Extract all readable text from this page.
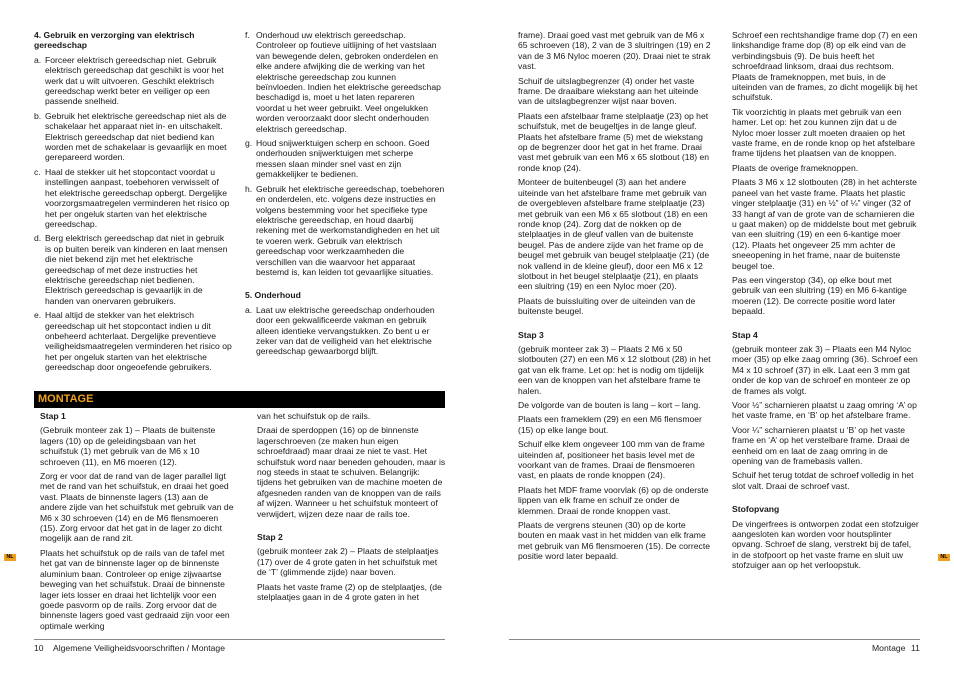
4. Gebruik en verzorging van elektrisch gereedschap
a. Forceer elektrisch gereedschap niet. Gebruik elektrisch gereedschap dat geschikt is voor het werk dat u wilt uitvoeren. Geschikt elektrisch gereedschap werkt beter en veiliger op een passende snelheid.
b. Gebruik het elektrische gereedschap niet als de schakelaar het apparaat niet in- en uitschakelt. Elektrisch gereedschap dat niet bediend kan worden met de schakelaar is gevaarlijk en moet gerepareerd worden.
c. Haal de stekker uit het stopcontact voordat u instellingen aanpast, toebehoren verwisselt of het elektrische gereedschap opbergt. Dergelijke voorzorgsmaatregelen verminderen het risico op het per ongeluk starten van het elektrische gereedschap.
d. Berg elektrisch gereedschap dat niet in gebruik is op buiten bereik van kinderen en laat mensen die niet bekend zijn met het elektrische gereedschap of met deze instructies het elektrische gereedschap niet bedienen. Elektrisch gereedschap is gevaarlijk in de handen van onervaren gebruikers.
e. Haal altijd de stekker van het elektrisch gereedschap uit het stopcontact indien u dit onbeheerd achterlaat. Dergelijke preventieve veiligheidsmaatregelen verminderen het risico op het per ongeluk starten van het elektrische gereedschap door ongeoefende gebruikers.
f. Onderhoud uw elektrisch gereedschap. Controleer op foutieve uitlijning of het vastslaan van bewegende delen, gebroken onderdelen en elke andere afwijking die de werking van het elektrische gereedschap zou kunnen beïnvloeden. Indien het elektrische gereedschap beschadigd is, moet u het laten repareren voordat u het weer gebruikt. Veel ongelukken worden veroorzaakt door slecht onderhouden elektrisch gereedschap.
g. Houd snijwerktuigen scherp en schoon. Goed onderhouden snijwerktuigen met scherpe messen slaan minder snel vast en zijn gemakkelijker te bedienen.
h. Gebruik het elektrische gereedschap, toebehoren en onderdelen, etc. volgens deze instructies en volgens bestemming voor het specifieke type elektrische gereedschap, en houd daarbij rekening met de werkomstandigheden en het uit te voeren werk. Gebruik van elektrisch gereedschap voor werkzaamheden die verschillen van die waarvoor het apparaat bestemd is, kan leiden tot gevaarlijke situaties.
5. Onderhoud
a. Laat uw elektrische gereedschap onderhouden door een gekwalificeerde vakman en gebruik alleen identieke vervangstukken. Zo bent u er zeker van dat de veiligheid van het elektrische gereedschap gewaarborgd blijft.
MONTAGE
Stap 1

(Gebruik monteer zak 1) – Plaats de buitenste lagers (10) op de geleidingsbaan van het schuifstuk (1) met gebruik van de M6 x 10 schroeven (11), en M6 moeren (12).

Zorg er voor dat de rand van de lager parallel ligt met de rand van het schuifstuk, en draai het goed vast. Plaats de binnenste lagers (13) aan de andere zijde van het schuifstuk met gebruik van de M6 x 30 schroeven (14) en de M6 flensmoeren (15). Zorg ervoor dat het gat in de lager zo dicht mogelijk aan de rand zit.

Plaats het schuifstuk op de rails van de tafel met het gat van de binnenste lager op de binnenste aluminium baan. Controleer op enige zijwaartse beweging van het schuifstuk. Draai de binnenste lager iets losser en draai het lichtelijk voor een goede pasvorm op de rails. Zorg ervoor dat de binnenste lagers goed vast gedraaid zijn voor een optimale werking

van het schuifstuk op de rails.

Draai de sperdoppen (16) op de binnenste lagerschroeven (ze maken hun eigen schroefdraad) maar draai ze niet te vast. Het schuifstuk word naar beneden gehouden, maar is nog steeds in staat te schuiven. Belangrijk: tijdens het gebruiken van de machine moeten de afgesneden randen van de knoppen van de rails af wijzen. Wanneer u het schuifstuk monteert of verwijdert, wijzen deze naar de rails toe.

Stap 2

(gebruik monteer zak 2) – Plaats de stelplaatjes (17) over de 4 grote gaten in het schuifstuk met de ‘T’ (glimmende zijde) naar boven.

Plaats het vaste frame (2) op de stelplaatjes, (de stelplaatjes gaan in de 4 grote gaten in het

NL
10 Algemene Veiligheidsvoorschriften / Montage

frame). Draai goed vast met gebruik van de M6 x 65 schroeven (18), 2 van de 3 sluitringen (19) en 2 van de 3 M6 Nyloc moeren (20). Draai niet te strak vast.

Schuif de uitslagbegrenzer (4) onder het vaste frame. De draaibare wiekstang aan het uiteinde van de uitslagbegrenzer wijst naar boven.

Plaats een afstelbaar frame stelplaatje (23) op het schuifstuk, met de beugeltjes in de lange gleuf. Plaats het afstelbare frame (5) met de wiekstang op de begrenzer door het gat in het frame. Draai vast met gebruik van een M6 x 65 slotbout (18) en ronde knop (24).

Monteer de buitenbeugel (3) aan het andere uiteinde van het afstelbare frame met gebruik van de overgebleven afstelbare frame stelplaatje (23) met gebruik van een M6 x 65 slotbout (18) en een ronde knop (24). Zorg dat de nokken op de stelplaatjes in de gleuf vallen van de buitenste beugel. Pas de andere zijde van het frame op de beugel met gebruik van beugel stelplaatje (21) (de nok vallend in de kleine gleuf), door een M6 x 12 slotbout in het beugel stelplaatje (21), en plaats een sluitring (19) en een Nyloc moer (20).

Plaats de buissluiting over de uiteinden van de buitenste beugel.

Stap 3

(gebruik monteer zak 3) – Plaats 2 M6 x 50 slotbouten (27) en een M6 x 12 slotbout (28) in het gat van elk frame. Let op: het is nodig om tijdelijk een van de knoppen van het afstelbare frame te halen.

De volgorde van de bouten is lang – kort – lang.

Plaats een frameklem (29) en een M6 flensmoer (15) op elke lange bout.

Schuif elke klem ongeveer 100 mm van de frame uiteinden af, positioneer het basis level met de voorkant van de frames. Draai de flensmoeren vast, en plaats de ronde knoppen (24).

Plaats het MDF frame voorvlak (6) op de onderste lippen van elk frame en schuif ze onder de klemmen. Draai de ronde knoppen vast.

Plaats de vergrens steunen (30) op de korte bouten en maak vast in het midden van elk frame met gebruik van M6 flensmoeren (15). De correcte positie word later bepaald.

Schroef een rechtshandige frame dop (7) en een linkshandige frame dop (8) op elk eind van de verbindingsbuis (9). De buis heeft het schroefdraad linksom, draai dus rechtsom. Plaats de frameknoppen, met buis, in de uiteinden van de frames, zo dicht mogelijk bij het schuifstuk.

Tik voorzichtig in plaats met gebruik van een hamer. Let op: het zou kunnen zijn dat u de Nyloc moer losser zult moeten draaien op het vaste frame, en de ronde knop op het afstelbare frame tijdens het plaatsen van de knoppen.

Plaats de overige frameknoppen.

Plaats 3 M6 x 12 slotbouten (28) in het achterste paneel van het vaste frame. Plaats het plastic vinger stelplaatje (31) en ½” of ¼” vinger (32 of 33 hangt af van de grote van de scharnieren die u gaat maken) op de middelste bout met gebruik van een sluitring (19) en een 6-kantige moer (12). Plaats het ongeveer 25 mm achter de sneeopening in het frame, naar de buitenste beugel toe.

Pas een vingerstop (34), op elke bout met gebruik van een sluitring (19) en M6 6-kantige moeren (12). De correcte positie word later bepaald.

Stap 4

(gebruik monteer zak 3) – Plaats een M4 Nyloc moer (35) op elke zaag omring (36). Schroef een M4 x 10 schroef (37) in elk. Laat een 3 mm gat onder de kop van de schroef en monteer ze op de frames als volgt.

Voor ½” scharnieren plaatst u zaag omring ‘A’ op het vaste frame, en ‘B’ op het afstelbare frame.

Voor ¼” scharnieren plaatst u ‘B’ op het vaste frame en ‘A’ op het verstelbare frame. Draai de eenheid om en laat de zaag omring in de opening van de framebasis vallen.

Schuif het terug totdat de schroef volledig in het slot valt. Draai de schroef vast.

Stofopvang

De vingerfrees is ontworpen zodat een stofzuiger aangesloten kan worden voor houtsplinter opvang. Schroef de slang, verstrekt bij de tafel, in de stofpoort op het vaste frame en sluit uw stofzuiger aan op het verloopstuk.

NL
Montage 11
